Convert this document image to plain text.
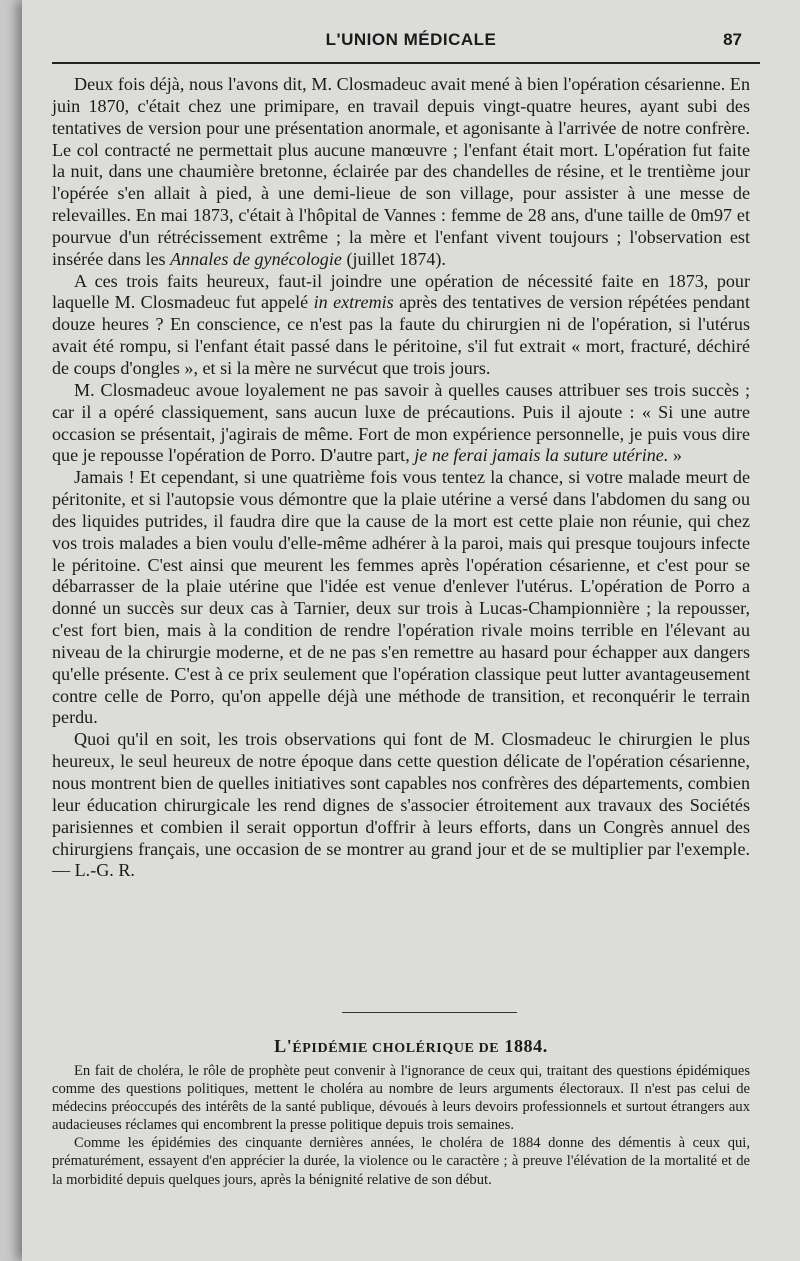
L'UNION MÉDICALE	87

Deux fois déjà, nous l'avons dit, M. Closmadeuc avait mené à bien l'opération césarienne. En juin 1870, c'était chez une primipare, en travail depuis vingt-quatre heures, ayant subi des tentatives de version pour une présentation anormale, et agonisante à l'arrivée de notre confrère. Le col contracté ne permettait plus aucune manœuvre ; l'enfant était mort. L'opération fut faite la nuit, dans une chaumière bretonne, éclairée par des chandelles de résine, et le trentième jour l'opérée s'en allait à pied, à une demi-lieue de son village, pour assister à une messe de relevailles. En mai 1873, c'était à l'hôpital de Vannes : femme de 28 ans, d'une taille de 0m97 et pourvue d'un rétrécissement extrême ; la mère et l'enfant vivent toujours ; l'observation est insérée dans les Annales de gynécologie (juillet 1874).

A ces trois faits heureux, faut-il joindre une opération de nécessité faite en 1873, pour laquelle M. Closmadeuc fut appelé in extremis après des tentatives de version répétées pendant douze heures ? En conscience, ce n'est pas la faute du chirurgien ni de l'opération, si l'utérus avait été rompu, si l'enfant était passé dans le péritoine, s'il fut extrait « mort, fracturé, déchiré de coups d'ongles », et si la mère ne survécut que trois jours.

M. Closmadeuc avoue loyalement ne pas savoir à quelles causes attribuer ses trois succès ; car il a opéré classiquement, sans aucun luxe de précautions. Puis il ajoute : « Si une autre occasion se présentait, j'agirais de même. Fort de mon expérience personnelle, je puis vous dire que je repousse l'opération de Porro. D'autre part, je ne ferai jamais la suture utérine. »

Jamais ! Et cependant, si une quatrième fois vous tentez la chance, si votre malade meurt de péritonite, et si l'autopsie vous démontre que la plaie utérine a versé dans l'abdomen du sang ou des liquides putrides, il faudra dire que la cause de la mort est cette plaie non réunie, qui chez vos trois malades a bien voulu d'elle-même adhérer à la paroi, mais qui presque toujours infecte le péritoine. C'est ainsi que meurent les femmes après l'opération césarienne, et c'est pour se débarrasser de la plaie utérine que l'idée est venue d'enlever l'utérus. L'opération de Porro a donné un succès sur deux cas à Tarnier, deux sur trois à Lucas-Championnière ; la repousser, c'est fort bien, mais à la condition de rendre l'opération rivale moins terrible en l'élevant au niveau de la chirurgie moderne, et de ne pas s'en remettre au hasard pour échapper aux dangers qu'elle présente. C'est à ce prix seulement que l'opération classique peut lutter avantageusement contre celle de Porro, qu'on appelle déjà une méthode de transition, et reconquérir le terrain perdu.

Quoi qu'il en soit, les trois observations qui font de M. Closmadeuc le chirurgien le plus heureux, le seul heureux de notre époque dans cette question délicate de l'opération césarienne, nous montrent bien de quelles initiatives sont capables nos confrères des départements, combien leur éducation chirurgicale les rend dignes de s'associer étroitement aux travaux des Sociétés parisiennes et combien il serait opportun d'offrir à leurs efforts, dans un Congrès annuel des chirurgiens français, une occasion de se montrer au grand jour et de se multiplier par l'exemple. — L.-G. R.

L'ÉPIDÉMIE CHOLÉRIQUE DE 1884.

En fait de choléra, le rôle de prophète peut convenir à l'ignorance de ceux qui, traitant des questions épidémiques comme des questions politiques, mettent le choléra au nombre de leurs arguments électoraux. Il n'est pas celui de médecins préoccupés des intérêts de la santé publique, dévoués à leurs devoirs professionnels et surtout étrangers aux audacieuses réclames qui encombrent la presse politique depuis trois semaines.

Comme les épidémies des cinquante dernières années, le choléra de 1884 donne des démentis à ceux qui, prématurément, essayent d'en apprécier la durée, la violence ou le caractère ; à preuve l'élévation de la mortalité et de la morbidité depuis quelques jours, après la bénignité relative de son début.
